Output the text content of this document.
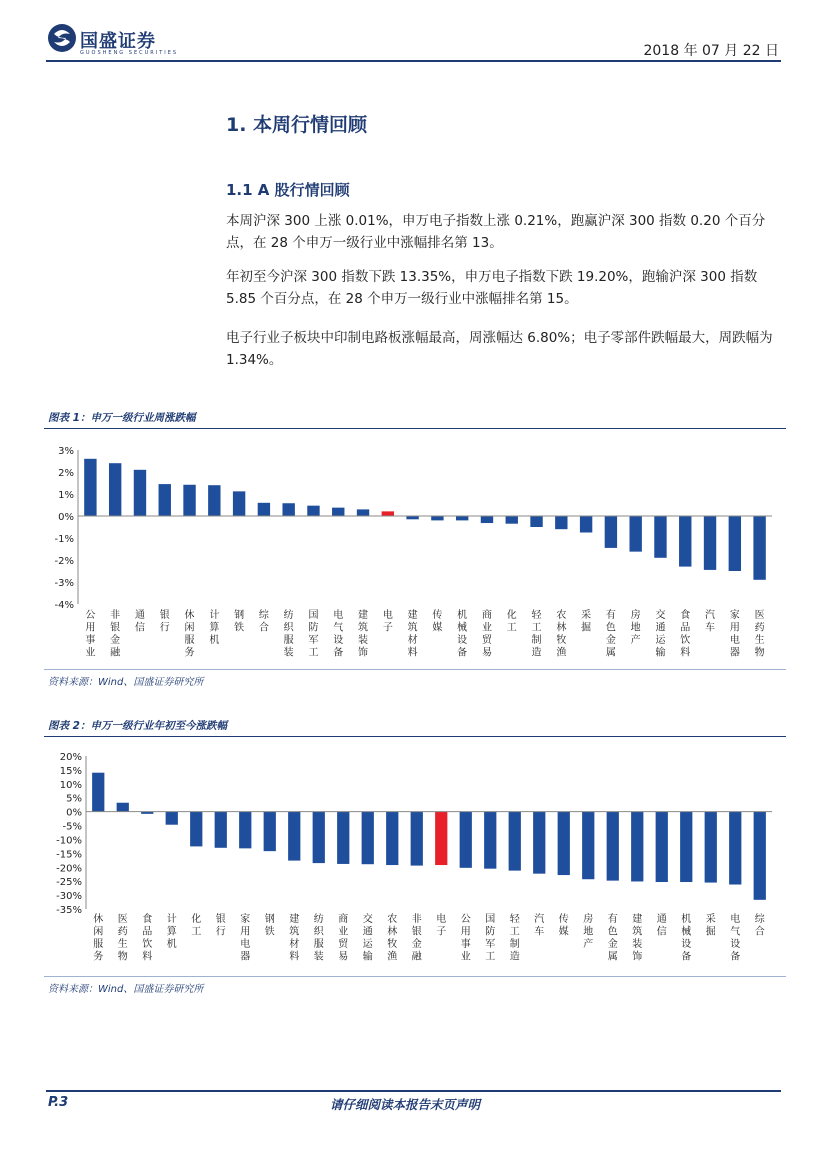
国盛证券
GUOSHENG SECURITIES	2018 年 07 月 22 日
1. 本周行情回顾
1.1 A 股行情回顾
本周沪深 300 上涨 0.01%，申万电子指数上涨 0.21%，跑赢沪深 300 指数 0.20 个百分点，在 28 个申万一级行业中涨幅排名第 13。
年初至今沪深 300 指数下跌 13.35%，申万电子指数下跌 19.20%，跑输沪深 300 指数 5.85 个百分点，在 28 个申万一级行业中涨幅排名第 15。
电子行业子板块中印制电路板涨幅最高，周涨幅达 6.80%；电子零部件跌幅最大，周跌幅为 1.34%。
图表 1：申万一级行业周涨跌幅
3%
2%
1%
0%
-1%
-2%
-3%
-4%
公
用
事
业
非
银
金
融
通
信
银
行
休
闲
服
务
计
算
机
钢
铁
综
合
纺
织
服
装
国
防
军
工
电
气
设
备
建
筑
装
饰
电
子
建
筑
材
料
传
媒
机
械
设
备
商
业
贸
易
化
工
轻
工
制
造
农
林
牧
渔
采
掘
有
色
金
属
房
地
产
交
通
运
输
食
品
饮
料
汽
车
家
用
电
器
医
药
生
物
资料来源：Wind、国盛证券研究所
图表 2：申万一级行业年初至今涨跌幅
20%
15%
10%
5%
0%
-5%
-10%
-15%
-20%
-25%
-30%
-35%
休
闲
服
务
医
药
生
物
食
品
饮
料
计
算
机
化
工
银
行
家
用
电
器
钢
铁
建
筑
材
料
纺
织
服
装
商
业
贸
易
交
通
运
输
农
林
牧
渔
非
银
金
融
电
子
公
用
事
业
国
防
军
工
轻
工
制
造
汽
车
传
媒
房
地
产
有
色
金
属
建
筑
装
饰
通
信
机
械
设
备
采
掘
电
气
设
备
综
合
资料来源：Wind、国盛证券研究所
P.3	请仔细阅读本报告末页声明
